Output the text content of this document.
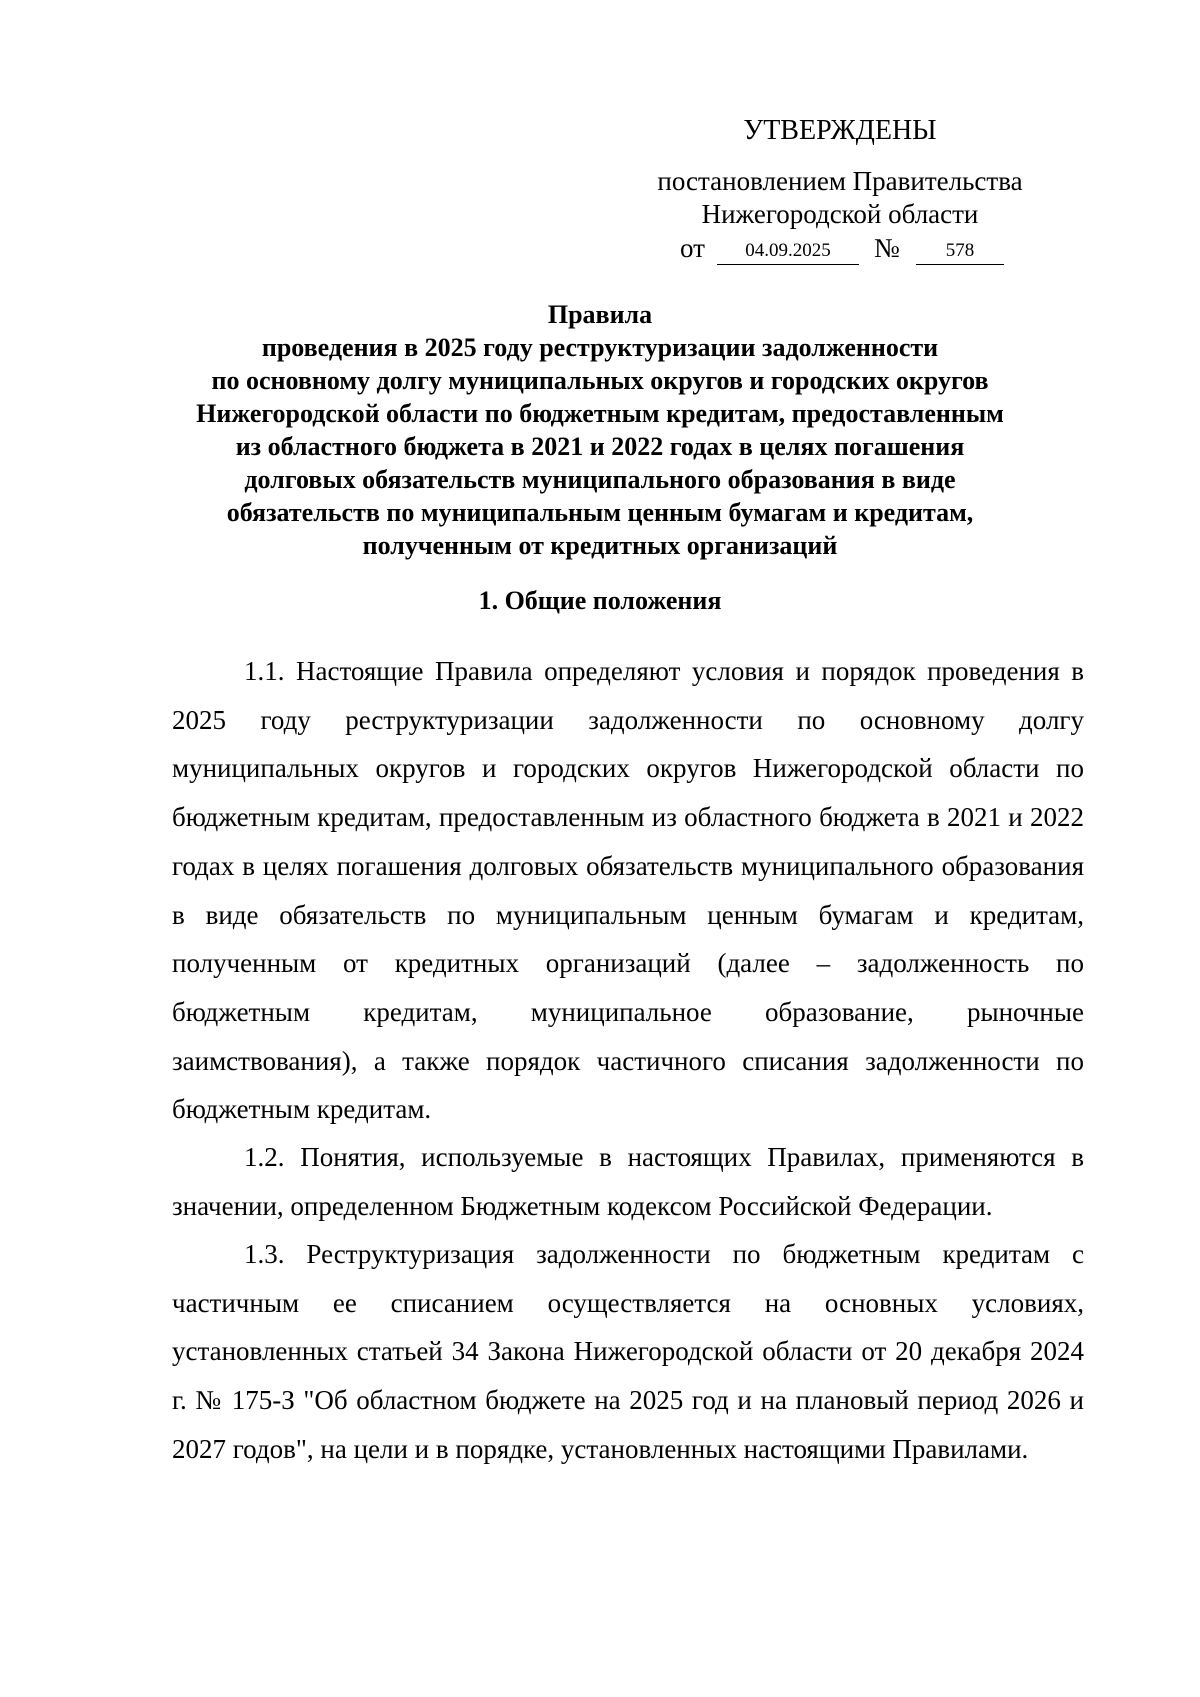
УТВЕРЖДЕНЫ
постановлением Правительства
Нижегородской области
от	04.09.2025	№	578
Правила
проведения в 2025 году реструктуризации задолженности
по основному долгу муниципальных округов и городских округов
Нижегородской области по бюджетным кредитам, предоставленным
из областного бюджета в 2021 и 2022 годах в целях погашения
долговых обязательств муниципального образования в виде
обязательств по муниципальным ценным бумагам и кредитам,
полученным от кредитных организаций
1. Общие положения

1.1. Настоящие Правила определяют условия и порядок проведения в 2025 году реструктуризации задолженности по основному долгу муниципальных округов и городских округов Нижегородской области по бюджетным кредитам, предоставленным из областного бюджета в 2021 и 2022 годах в целях погашения долговых обязательств муниципального образования в виде обязательств по муниципальным ценным бумагам и кредитам, полученным от кредитных организаций (далее – задолженность по бюджетным кредитам, муниципальное образование, рыночные заимствования), а также порядок частичного списания задолженности по бюджетным кредитам.

1.2. Понятия, используемые в настоящих Правилах, применяются в значении, определенном Бюджетным кодексом Российской Федерации.

1.3. Реструктуризация задолженности по бюджетным кредитам с частичным ее списанием осуществляется на основных условиях, установленных статьей 34 Закона Нижегородской области от 20 декабря 2024 г. № 175-З "Об областном бюджете на 2025 год и на плановый период 2026 и 2027 годов", на цели и в порядке, установленных настоящими Правилами.
